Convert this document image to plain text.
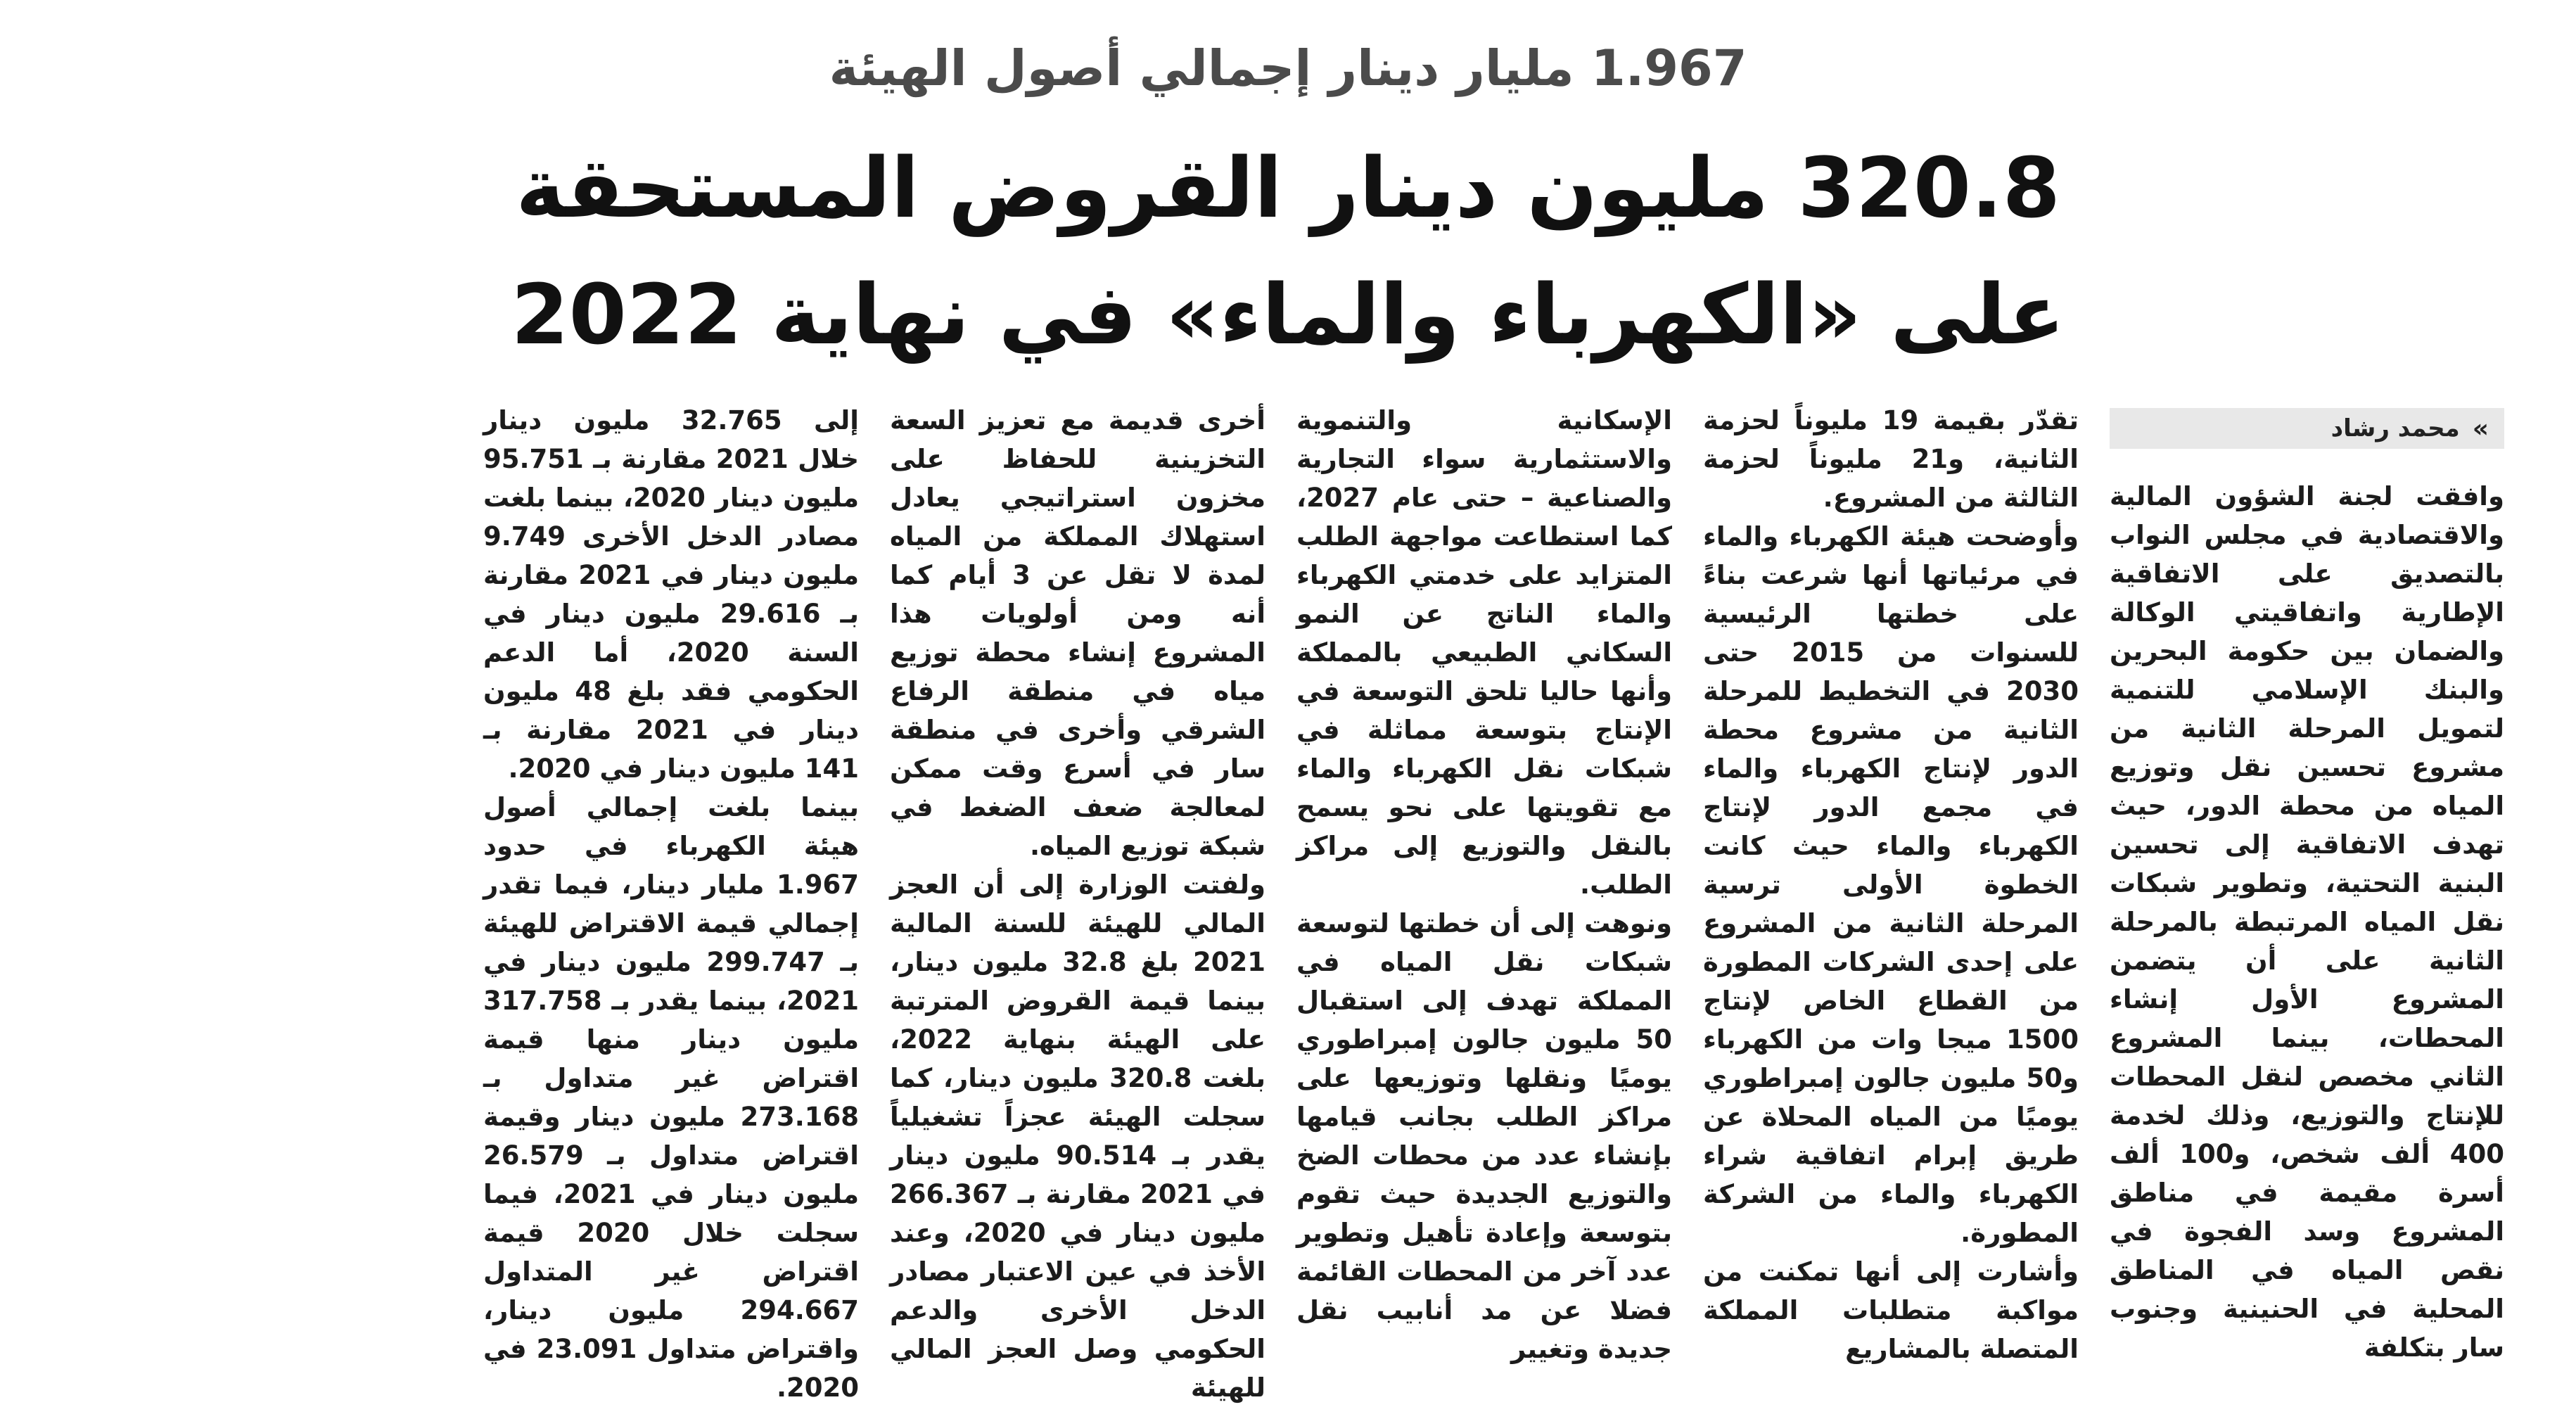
1.967 مليار دينار إجمالي أصول الهيئة
320.8 مليون دينار القروض المستحقة
على «الكهرباء والماء» في نهاية 2022
»
محمد رشاد

وافقت لجنة الشؤون المالية والاقتصادية في مجلس النواب بالتصديق على الاتفاقية الإطارية واتفاقيتي الوكالة والضمان بين حكومة البحرين والبنك الإسلامي للتنمية لتمويل المرحلة الثانية من مشروع تحسين نقل وتوزيع المياه من محطة الدور، حيث تهدف الاتفاقية إلى تحسين البنية التحتية، وتطوير شبكات نقل المياه المرتبطة بالمرحلة الثانية على أن يتضمن المشروع الأول إنشاء المحطات، بينما المشروع الثاني مخصص لنقل المحطات للإنتاج والتوزيع، وذلك لخدمة 400 ألف شخص، و100 ألف أسرة مقيمة في مناطق المشروع وسد الفجوة في نقص المياه في المناطق المحلية في الحنينية وجنوب سار بتكلفة

تقدّر بقيمة 19 مليوناً لحزمة الثانية، و21 مليوناً لحزمة الثالثة من المشروع.

وأوضحت هيئة الكهرباء والماء في مرئياتها أنها شرعت بناءً على خطتها الرئيسية للسنوات من 2015 حتى 2030 في التخطيط للمرحلة الثانية من مشروع محطة الدور لإنتاج الكهرباء والماء في مجمع الدور لإنتاج الكهرباء والماء حيث كانت الخطوة الأولى ترسية المرحلة الثانية من المشروع على إحدى الشركات المطورة من القطاع الخاص لإنتاج 1500 ميجا وات من الكهرباء و50 مليون جالون إمبراطوري يوميًا من المياه المحلاة عن طريق إبرام اتفاقية شراء الكهرباء والماء من الشركة المطورة.

وأشارت إلى أنها تمكنت من مواكبة متطلبات المملكة المتصلة بالمشاريع

الإسكانية والتنموية والاستثمارية سواء التجارية والصناعية – حتى عام 2027، كما استطاعت مواجهة الطلب المتزايد على خدمتي الكهرباء والماء الناتج عن النمو السكاني الطبيعي بالمملكة وأنها حاليا تلحق التوسعة في الإنتاج بتوسعة مماثلة في شبكات نقل الكهرباء والماء مع تقويتها على نحو يسمح بالنقل والتوزيع إلى مراكز الطلب.

ونوهت إلى أن خطتها لتوسعة شبكات نقل المياه في المملكة تهدف إلى استقبال 50 مليون جالون إمبراطوري يوميًا ونقلها وتوزيعها على مراكز الطلب بجانب قيامها بإنشاء عدد من محطات الضخ والتوزيع الجديدة حيث تقوم بتوسعة وإعادة تأهيل وتطوير عدد آخر من المحطات القائمة فضلا عن مد أنابيب نقل جديدة وتغيير

أخرى قديمة مع تعزيز السعة التخزينية للحفاظ على مخزون استراتيجي يعادل استهلاك المملكة من المياه لمدة لا تقل عن 3 أيام كما أنه ومن أولويات هذا المشروع إنشاء محطة توزيع مياه في منطقة الرفاع الشرقي وأخرى في منطقة سار في أسرع وقت ممكن لمعالجة ضعف الضغط في شبكة توزيع المياه.

ولفتت الوزارة إلى أن العجز المالي للهيئة للسنة المالية 2021 بلغ 32.8 مليون دينار، بينما قيمة القروض المترتبة على الهيئة بنهاية 2022، بلغت 320.8 مليون دينار، كما سجلت الهيئة عجزاً تشغيلياً يقدر بـ 90.514 مليون دينار في 2021 مقارنة بـ 266.367 مليون دينار في 2020، وعند الأخذ في عين الاعتبار مصادر الدخل الأخرى والدعم الحكومي وصل العجز المالي للهيئة

إلى 32.765 مليون دينار خلال 2021 مقارنة بـ 95.751 مليون دينار 2020، بينما بلغت مصادر الدخل الأخرى 9.749 مليون دينار في 2021 مقارنة بـ 29.616 مليون دينار في السنة 2020، أما الدعم الحكومي فقد بلغ 48 مليون دينار في 2021 مقارنة بـ 141 مليون دينار في 2020.

بينما بلغت إجمالي أصول هيئة الكهرباء في حدود 1.967 مليار دينار، فيما تقدر إجمالي قيمة الاقتراض للهيئة بـ 299.747 مليون دينار في 2021، بينما يقدر بـ 317.758 مليون دينار منها قيمة اقتراض غير متداول بـ 273.168 مليون دينار وقيمة اقتراض متداول بـ 26.579 مليون دينار في 2021، فيما سجلت خلال 2020 قيمة اقتراض غير المتداول 294.667 مليون دينار، واقتراض متداول 23.091 في 2020.
